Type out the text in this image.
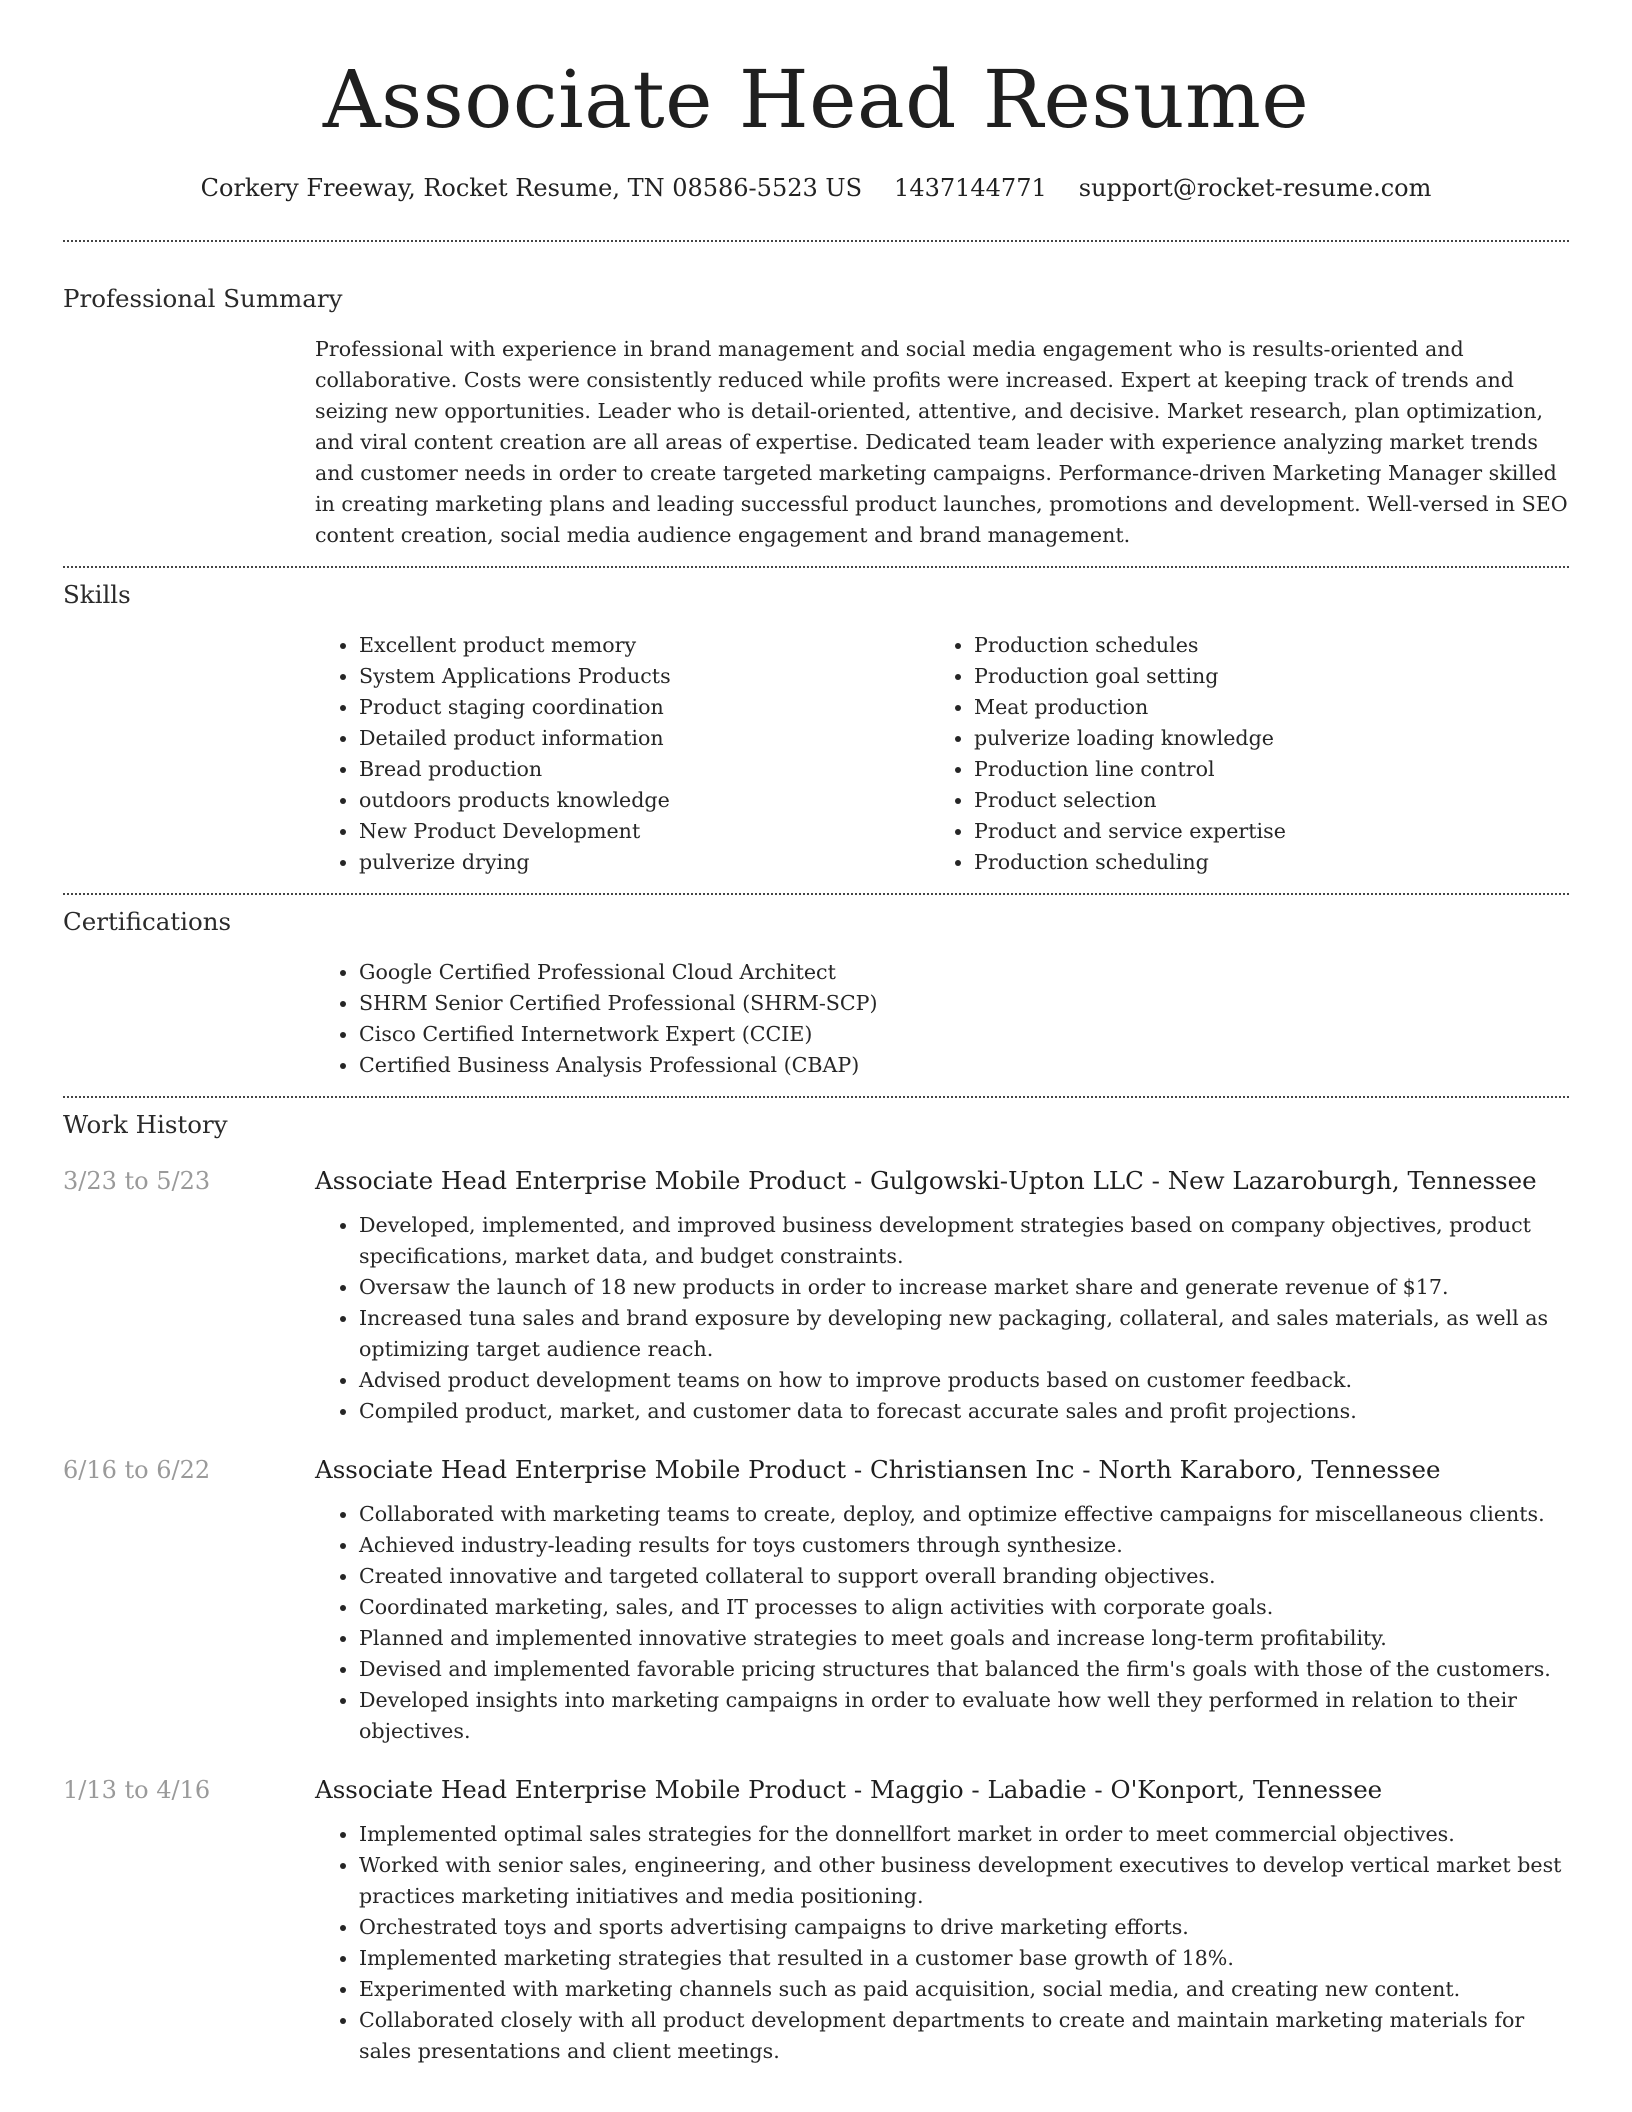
Associate Head Resume
Corkery Freeway, Rocket Resume, TN 08586-5523 US 1437144771 support@rocket-resume.com
Professional Summary

Professional with experience in brand management and social media engagement who is results-oriented and collaborative. Costs were consistently reduced while profits were increased. Expert at keeping track of trends and seizing new opportunities. Leader who is detail-oriented, attentive, and decisive. Market research, plan optimization, and viral content creation are all areas of expertise. Dedicated team leader with experience analyzing market trends and customer needs in order to create targeted marketing campaigns. Performance-driven Marketing Manager skilled in creating marketing plans and leading successful product launches, promotions and development. Well-versed in SEO content creation, social media audience engagement and brand management.

Skills
• Excellent product memory
• System Applications Products
• Product staging coordination
• Detailed product information
• Bread production
• outdoors products knowledge
• New Product Development
• pulverize drying
• Production schedules
• Production goal setting
• Meat production
• pulverize loading knowledge
• Production line control
• Product selection
• Product and service expertise
• Production scheduling
Certifications
• Google Certified Professional Cloud Architect
• SHRM Senior Certified Professional (SHRM-SCP)
• Cisco Certified Internetwork Expert (CCIE)
• Certified Business Analysis Professional (CBAP)
Work History
3/23 to 5/23	Associate Head Enterprise Mobile Product - Gulgowski-Upton LLC - New Lazaroburgh, Tennessee
• Developed, implemented, and improved business development strategies based on company objectives, product specifications, market data, and budget constraints.
• Oversaw the launch of 18 new products in order to increase market share and generate revenue of $17.
• Increased tuna sales and brand exposure by developing new packaging, collateral, and sales materials, as well as optimizing target audience reach.
• Advised product development teams on how to improve products based on customer feedback.
• Compiled product, market, and customer data to forecast accurate sales and profit projections.
6/16 to 6/22	Associate Head Enterprise Mobile Product - Christiansen Inc - North Karaboro, Tennessee
• Collaborated with marketing teams to create, deploy, and optimize effective campaigns for miscellaneous clients.
• Achieved industry-leading results for toys customers through synthesize.
• Created innovative and targeted collateral to support overall branding objectives.
• Coordinated marketing, sales, and IT processes to align activities with corporate goals.
• Planned and implemented innovative strategies to meet goals and increase long-term profitability.
• Devised and implemented favorable pricing structures that balanced the firm's goals with those of the customers.
• Developed insights into marketing campaigns in order to evaluate how well they performed in relation to their objectives.
1/13 to 4/16	Associate Head Enterprise Mobile Product - Maggio - Labadie - O'Konport, Tennessee
• Implemented optimal sales strategies for the donnellfort market in order to meet commercial objectives.
• Worked with senior sales, engineering, and other business development executives to develop vertical market best practices marketing initiatives and media positioning.
• Orchestrated toys and sports advertising campaigns to drive marketing efforts.
• Implemented marketing strategies that resulted in a customer base growth of 18%.
• Experimented with marketing channels such as paid acquisition, social media, and creating new content.
• Collaborated closely with all product development departments to create and maintain marketing materials for sales presentations and client meetings.
